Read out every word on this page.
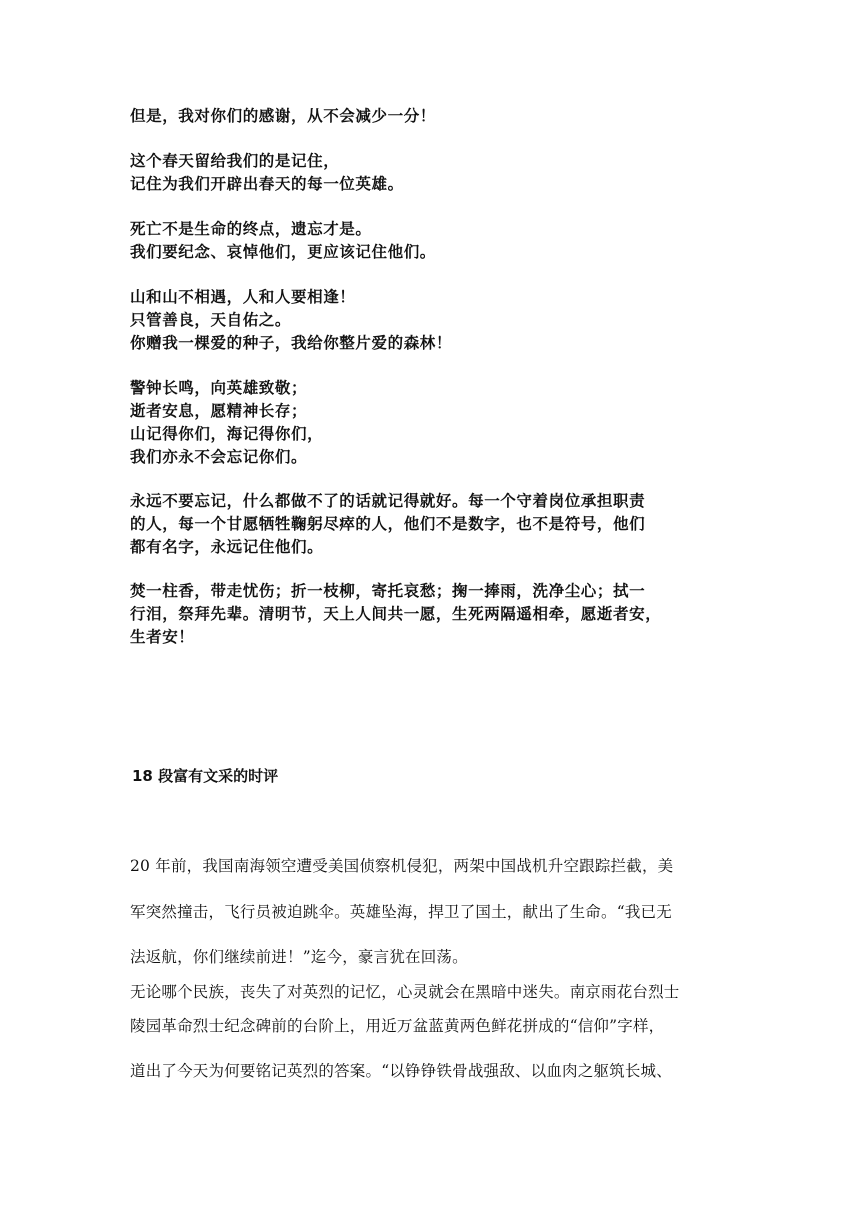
但是，我对你们的感谢，从不会减少一分！

这个春天留给我们的是记住，

记住为我们开辟出春天的每一位英雄。

死亡不是生命的终点，遗忘才是。

我们要纪念、哀悼他们，更应该记住他们。

山和山不相遇，人和人要相逢！

只管善良，天自佑之。

你赠我一棵爱的种子，我给你整片爱的森林！

警钟长鸣，向英雄致敬；

逝者安息，愿精神长存；

山记得你们，海记得你们，

我们亦永不会忘记你们。

永远不要忘记，什么都做不了的话就记得就好。每一个守着岗位承担职责

的人，每一个甘愿牺牲鞠躬尽瘁的人，他们不是数字，也不是符号，他们

都有名字，永远记住他们。

焚一柱香，带走忧伤；折一枝柳，寄托哀愁；掬一捧雨，洗净尘心；拭一

行泪，祭拜先辈。清明节，天上人间共一愿，生死两隔遥相牵，愿逝者安，

生者安！

18 段富有文采的时评
20 年前，我国南海领空遭受美国侦察机侵犯，两架中国战机升空跟踪拦截，美
军突然撞击，飞行员被迫跳伞。英雄坠海，捍卫了国土，献出了生命。“我已无
法返航，你们继续前进！”迄今，豪言犹在回荡。
无论哪个民族，丧失了对英烈的记忆，心灵就会在黑暗中迷失。南京雨花台烈士
陵园革命烈士纪念碑前的台阶上，用近万盆蓝黄两色鲜花拼成的“信仰”字样，
道出了今天为何要铭记英烈的答案。“以铮铮铁骨战强敌、以血肉之躯筑长城、
